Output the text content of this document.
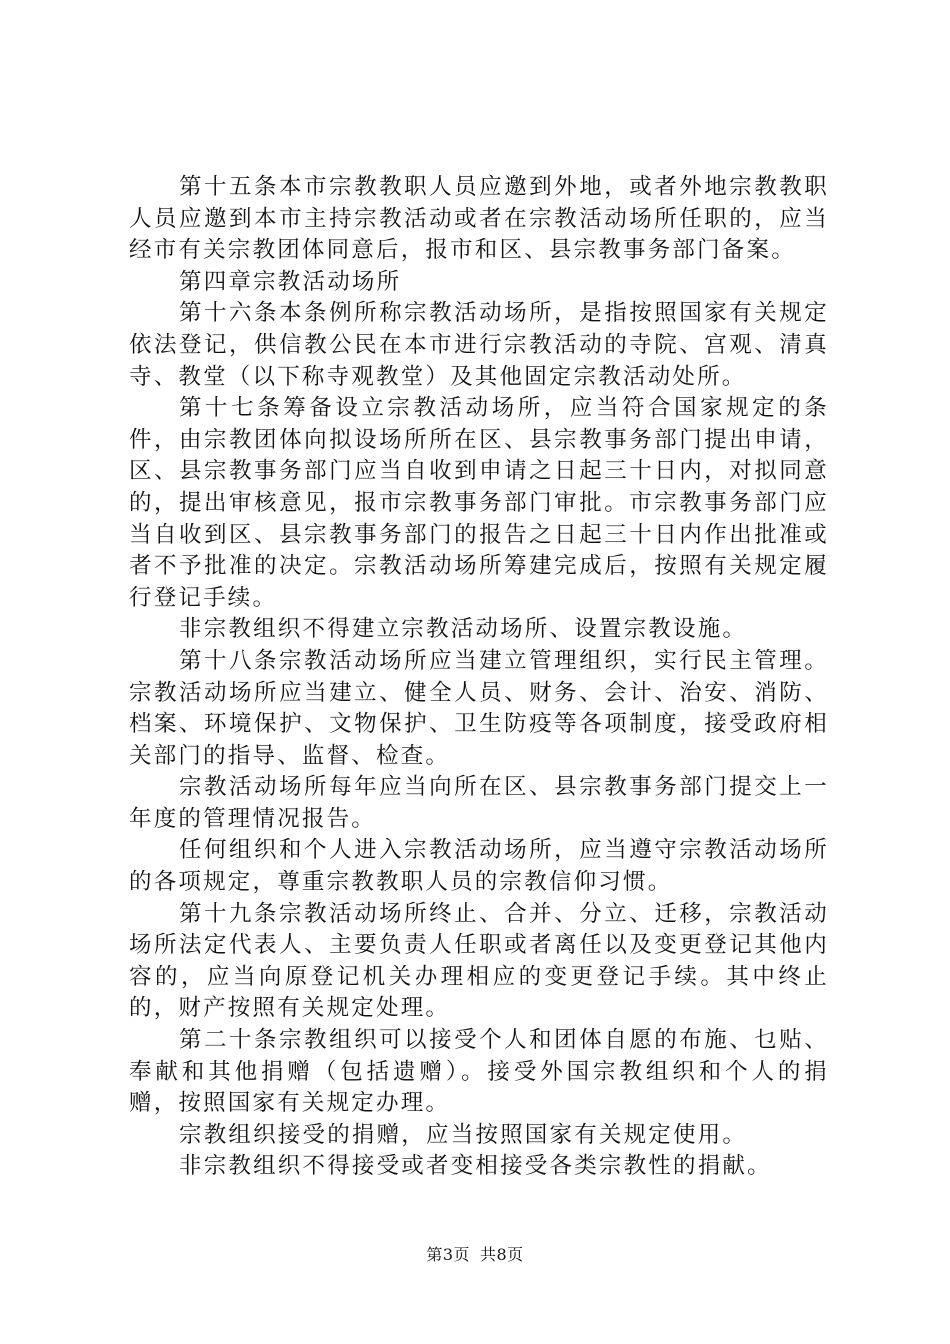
第十五条本市宗教教职人员应邀到外地，或者外地宗教教职人员应邀到本市主持宗教活动或者在宗教活动场所任职的，应当经市有关宗教团体同意后，报市和区、县宗教事务部门备案。

第四章宗教活动场所

第十六条本条例所称宗教活动场所，是指按照国家有关规定依法登记，供信教公民在本市进行宗教活动的寺院、宫观、清真寺、教堂（以下称寺观教堂）及其他固定宗教活动处所。

第十七条筹备设立宗教活动场所，应当符合国家规定的条件，由宗教团体向拟设场所所在区、县宗教事务部门提出申请，区、县宗教事务部门应当自收到申请之日起三十日内，对拟同意的，提出审核意见，报市宗教事务部门审批。市宗教事务部门应当自收到区、县宗教事务部门的报告之日起三十日内作出批准或者不予批准的决定。宗教活动场所筹建完成后，按照有关规定履行登记手续。

非宗教组织不得建立宗教活动场所、设置宗教设施。

第十八条宗教活动场所应当建立管理组织，实行民主管理。宗教活动场所应当建立、健全人员、财务、会计、治安、消防、档案、环境保护、文物保护、卫生防疫等各项制度，接受政府相关部门的指导、监督、检查。

宗教活动场所每年应当向所在区、县宗教事务部门提交上一年度的管理情况报告。

任何组织和个人进入宗教活动场所，应当遵守宗教活动场所的各项规定，尊重宗教教职人员的宗教信仰习惯。

第十九条宗教活动场所终止、合并、分立、迁移，宗教活动场所法定代表人、主要负责人任职或者离任以及变更登记其他内容的，应当向原登记机关办理相应的变更登记手续。其中终止的，财产按照有关规定处理。

第二十条宗教组织可以接受个人和团体自愿的布施、乜贴、奉献和其他捐赠（包括遗赠）。接受外国宗教组织和个人的捐赠，按照国家有关规定办理。

宗教组织接受的捐赠，应当按照国家有关规定使用。

非宗教组织不得接受或者变相接受各类宗教性的捐献。

第3页 共8页
